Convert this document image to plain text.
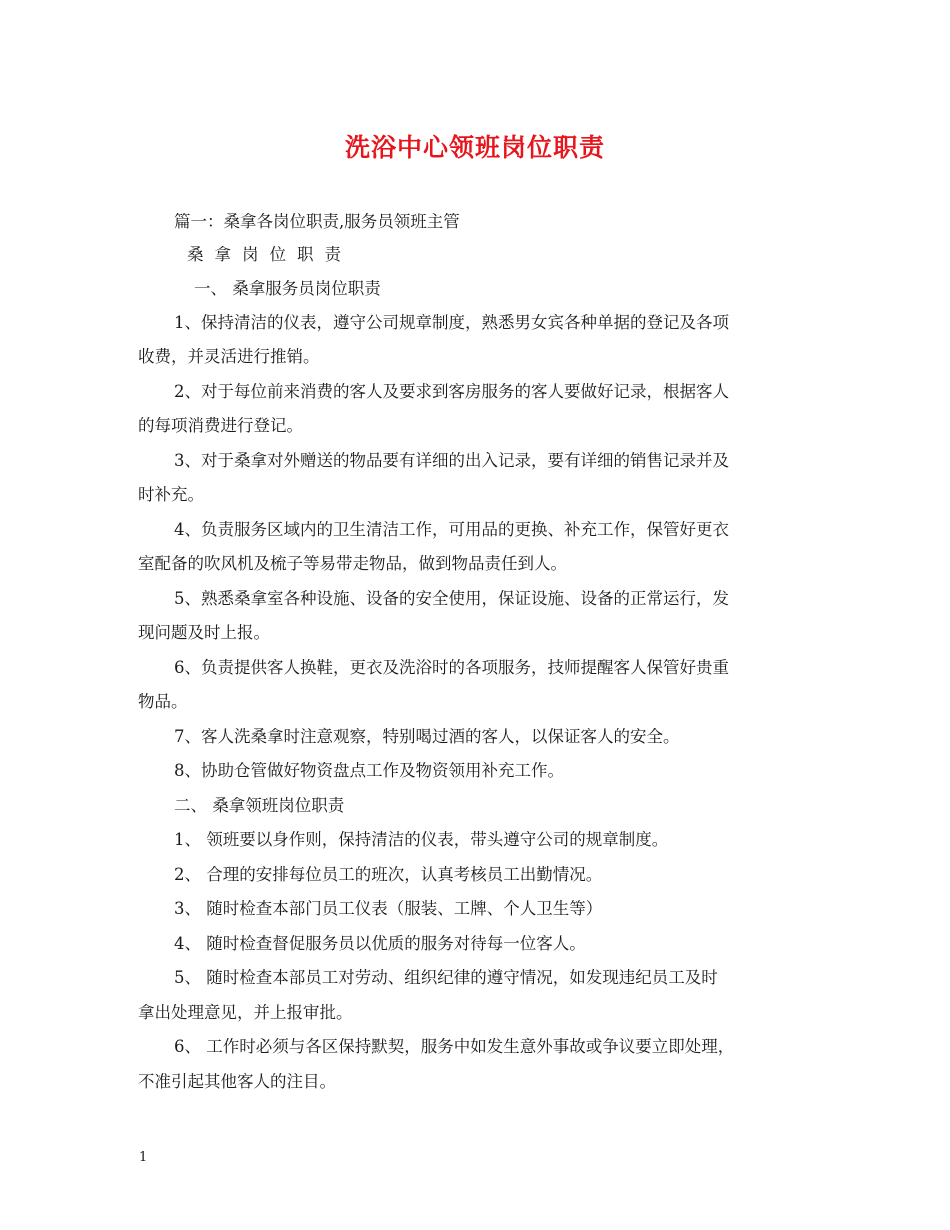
洗浴中心领班岗位职责
篇一：桑拿各岗位职责,服务员领班主管
桑拿岗位职责
一、 桑拿服务员岗位职责
1、保持清洁的仪表，遵守公司规章制度，熟悉男女宾各种单据的登记及各项
收费，并灵活进行推销。
2、对于每位前来消费的客人及要求到客房服务的客人要做好记录，根据客人
的每项消费进行登记。
3、对于桑拿对外赠送的物品要有详细的出入记录，要有详细的销售记录并及
时补充。
4、负责服务区域内的卫生清洁工作，可用品的更换、补充工作，保管好更衣
室配备的吹风机及梳子等易带走物品，做到物品责任到人。
5、熟悉桑拿室各种设施、设备的安全使用，保证设施、设备的正常运行，发
现问题及时上报。
6、负责提供客人换鞋，更衣及洗浴时的各项服务，技师提醒客人保管好贵重
物品。
7、客人洗桑拿时注意观察，特别喝过酒的客人，以保证客人的安全。
8、协助仓管做好物资盘点工作及物资领用补充工作。
二、 桑拿领班岗位职责
1、 领班要以身作则，保持清洁的仪表，带头遵守公司的规章制度。
2、 合理的安排每位员工的班次，认真考核员工出勤情况。
3、 随时检查本部门员工仪表（服装、工牌、个人卫生等）
4、 随时检查督促服务员以优质的服务对待每一位客人。
5、 随时检查本部员工对劳动、组织纪律的遵守情况，如发现违纪员工及时
拿出处理意见，并上报审批。
6、 工作时必须与各区保持默契，服务中如发生意外事故或争议要立即处理，
不准引起其他客人的注目。
1
